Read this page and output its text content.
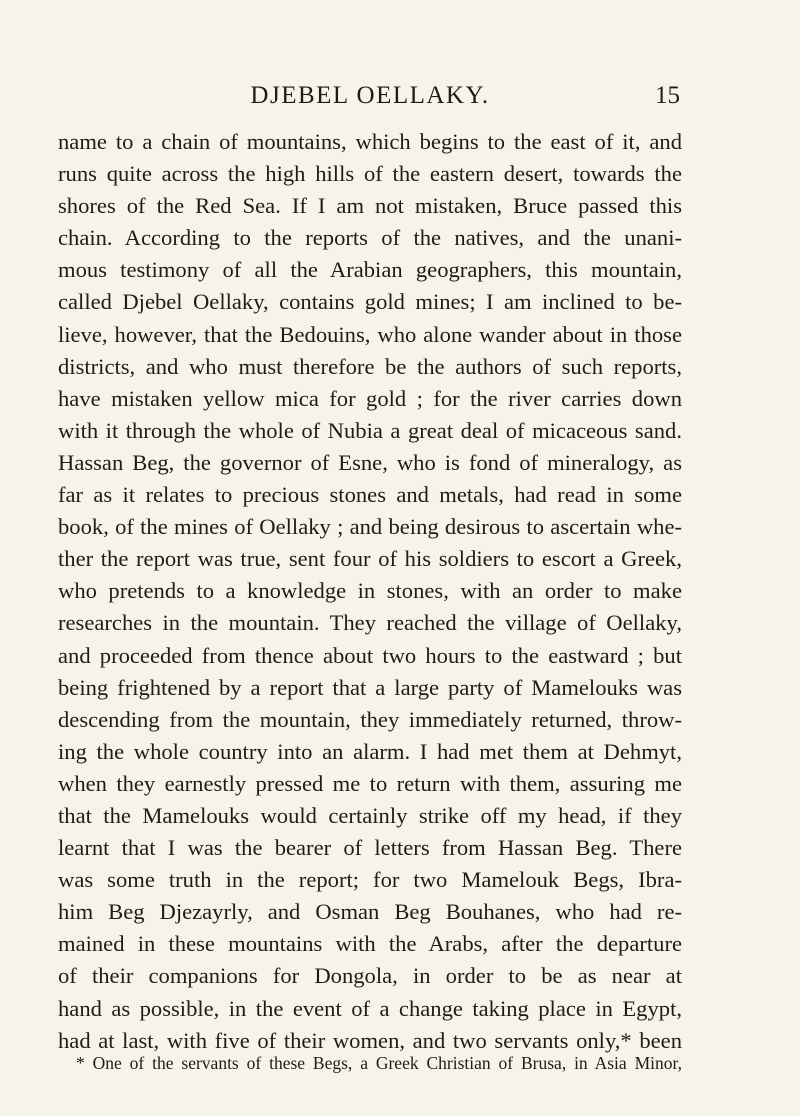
DJEBEL OELLAKY.	15
name to a chain of mountains, which begins to the east of it, and
runs quite across the high hills of the eastern desert, towards the
shores of the Red Sea. If I am not mistaken, Bruce passed this
chain. According to the reports of the natives, and the unani-
mous testimony of all the Arabian geographers, this mountain,
called Djebel Oellaky, contains gold mines; I am inclined to be-
lieve, however, that the Bedouins, who alone wander about in those
districts, and who must therefore be the authors of such reports,
have mistaken yellow mica for gold ; for the river carries down
with it through the whole of Nubia a great deal of micaceous sand.
Hassan Beg, the governor of Esne, who is fond of mineralogy, as
far as it relates to precious stones and metals, had read in some
book, of the mines of Oellaky ; and being desirous to ascertain whe-
ther the report was true, sent four of his soldiers to escort a Greek,
who pretends to a knowledge in stones, with an order to make
researches in the mountain. They reached the village of Oellaky,
and proceeded from thence about two hours to the eastward ; but
being frightened by a report that a large party of Mamelouks was
descending from the mountain, they immediately returned, throw-
ing the whole country into an alarm. I had met them at Dehmyt,
when they earnestly pressed me to return with them, assuring me
that the Mamelouks would certainly strike off my head, if they
learnt that I was the bearer of letters from Hassan Beg. There
was some truth in the report; for two Mamelouk Begs, Ibra-
him Beg Djezayrly, and Osman Beg Bouhanes, who had re-
mained in these mountains with the Arabs, after the departure
of their companions for Dongola, in order to be as near at
hand as possible, in the event of a change taking place in Egypt,
had at last, with five of their women, and two servants only,* been
* One of the servants of these Begs, a Greek Christian of Brusa, in Asia Minor,
